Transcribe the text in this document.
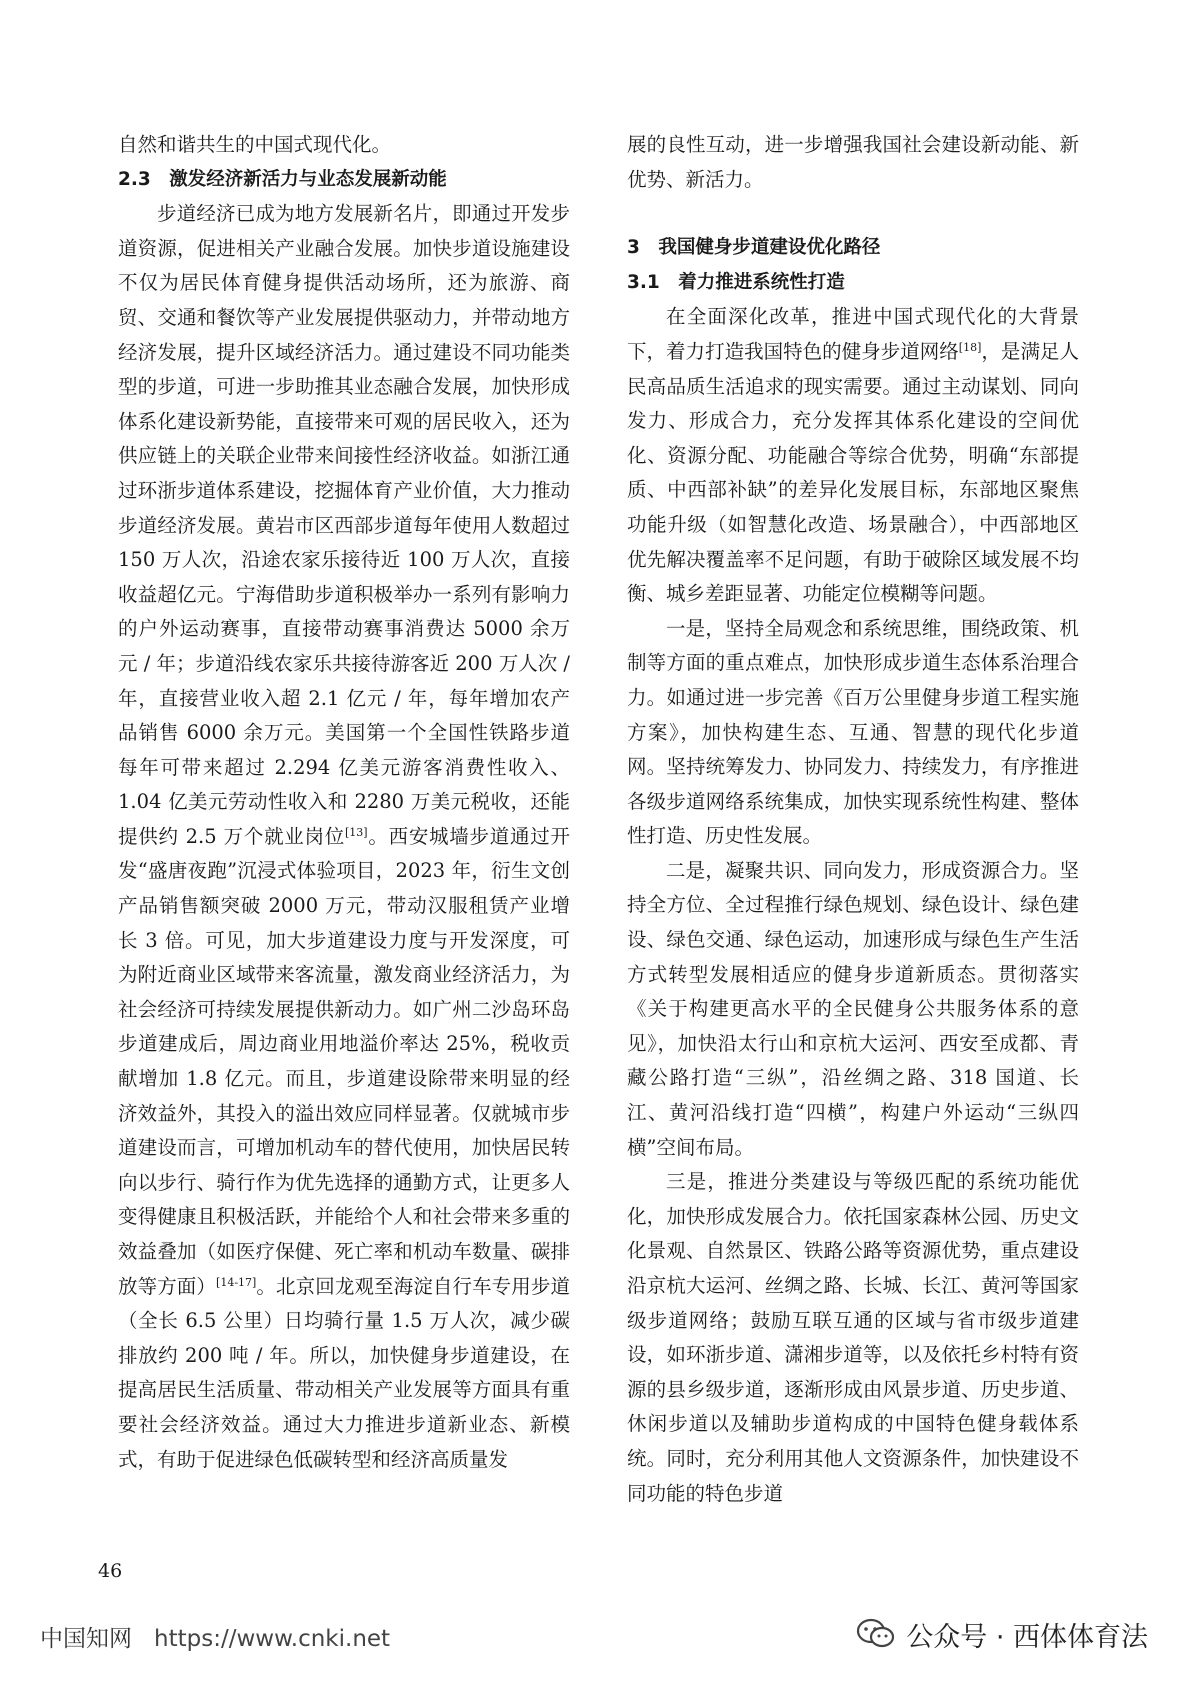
自然和谐共生的中国式现代化。

2.3　激发经济新活力与业态发展新动能

步道经济已成为地方发展新名片，即通过开发步道资源，促进相关产业融合发展。加快步道设施建设不仅为居民体育健身提供活动场所，还为旅游、商贸、交通和餐饮等产业发展提供驱动力，并带动地方经济发展，提升区域经济活力。通过建设不同功能类型的步道，可进一步助推其业态融合发展，加快形成体系化建设新势能，直接带来可观的居民收入，还为供应链上的关联企业带来间接性经济收益。如浙江通过环浙步道体系建设，挖掘体育产业价值，大力推动步道经济发展。黄岩市区西部步道每年使用人数超过 150 万人次，沿途农家乐接待近 100 万人次，直接收益超亿元。宁海借助步道积极举办一系列有影响力的户外运动赛事，直接带动赛事消费达 5000 余万元 / 年；步道沿线农家乐共接待游客近 200 万人次 / 年，直接营业收入超 2.1 亿元 / 年，每年增加农产品销售 6000 余万元。美国第一个全国性铁路步道每年可带来超过 2.294 亿美元游客消费性收入、1.04 亿美元劳动性收入和 2280 万美元税收，还能提供约 2.5 万个就业岗位[13]。西安城墙步道通过开发“盛唐夜跑”沉浸式体验项目，2023 年，衍生文创产品销售额突破 2000 万元，带动汉服租赁产业增长 3 倍。可见，加大步道建设力度与开发深度，可为附近商业区域带来客流量，激发商业经济活力，为社会经济可持续发展提供新动力。如广州二沙岛环岛步道建成后，周边商业用地溢价率达 25%，税收贡献增加 1.8 亿元。而且，步道建设除带来明显的经济效益外，其投入的溢出效应同样显著。仅就城市步道建设而言，可增加机动车的替代使用，加快居民转向以步行、骑行作为优先选择的通勤方式，让更多人变得健康且积极活跃，并能给个人和社会带来多重的效益叠加（如医疗保健、死亡率和机动车数量、碳排放等方面）[14-17]。北京回龙观至海淀自行车专用步道（全长 6.5 公里）日均骑行量 1.5 万人次，减少碳排放约 200 吨 / 年。所以，加快健身步道建设，在提高居民生活质量、带动相关产业发展等方面具有重要社会经济效益。通过大力推进步道新业态、新模式，有助于促进绿色低碳转型和经济高质量发

展的良性互动，进一步增强我国社会建设新动能、新优势、新活力。

3　我国健身步道建设优化路径

3.1　着力推进系统性打造

在全面深化改革，推进中国式现代化的大背景下，着力打造我国特色的健身步道网络[18]，是满足人民高品质生活追求的现实需要。通过主动谋划、同向发力、形成合力，充分发挥其体系化建设的空间优化、资源分配、功能融合等综合优势，明确“东部提质、中西部补缺”的差异化发展目标，东部地区聚焦功能升级（如智慧化改造、场景融合），中西部地区优先解决覆盖率不足问题，有助于破除区域发展不均衡、城乡差距显著、功能定位模糊等问题。

一是，坚持全局观念和系统思维，围绕政策、机制等方面的重点难点，加快形成步道生态体系治理合力。如通过进一步完善《百万公里健身步道工程实施方案》，加快构建生态、互通、智慧的现代化步道网。坚持统筹发力、协同发力、持续发力，有序推进各级步道网络系统集成，加快实现系统性构建、整体性打造、历史性发展。

二是，凝聚共识、同向发力，形成资源合力。坚持全方位、全过程推行绿色规划、绿色设计、绿色建设、绿色交通、绿色运动，加速形成与绿色生产生活方式转型发展相适应的健身步道新质态。贯彻落实《关于构建更高水平的全民健身公共服务体系的意见》，加快沿太行山和京杭大运河、西安至成都、青藏公路打造“三纵”，沿丝绸之路、318 国道、长江、黄河沿线打造“四横”，构建户外运动“三纵四横”空间布局。

三是，推进分类建设与等级匹配的系统功能优化，加快形成发展合力。依托国家森林公园、历史文化景观、自然景区、铁路公路等资源优势，重点建设沿京杭大运河、丝绸之路、长城、长江、黄河等国家级步道网络；鼓励互联互通的区域与省市级步道建设，如环浙步道、潇湘步道等，以及依托乡村特有资源的县乡级步道，逐渐形成由风景步道、历史步道、休闲步道以及辅助步道构成的中国特色健身载体系统。同时，充分利用其他人文资源条件，加快建设不同功能的特色步道

46
中国知网 https://www.cnki.net	公众号 · 西体体育法
